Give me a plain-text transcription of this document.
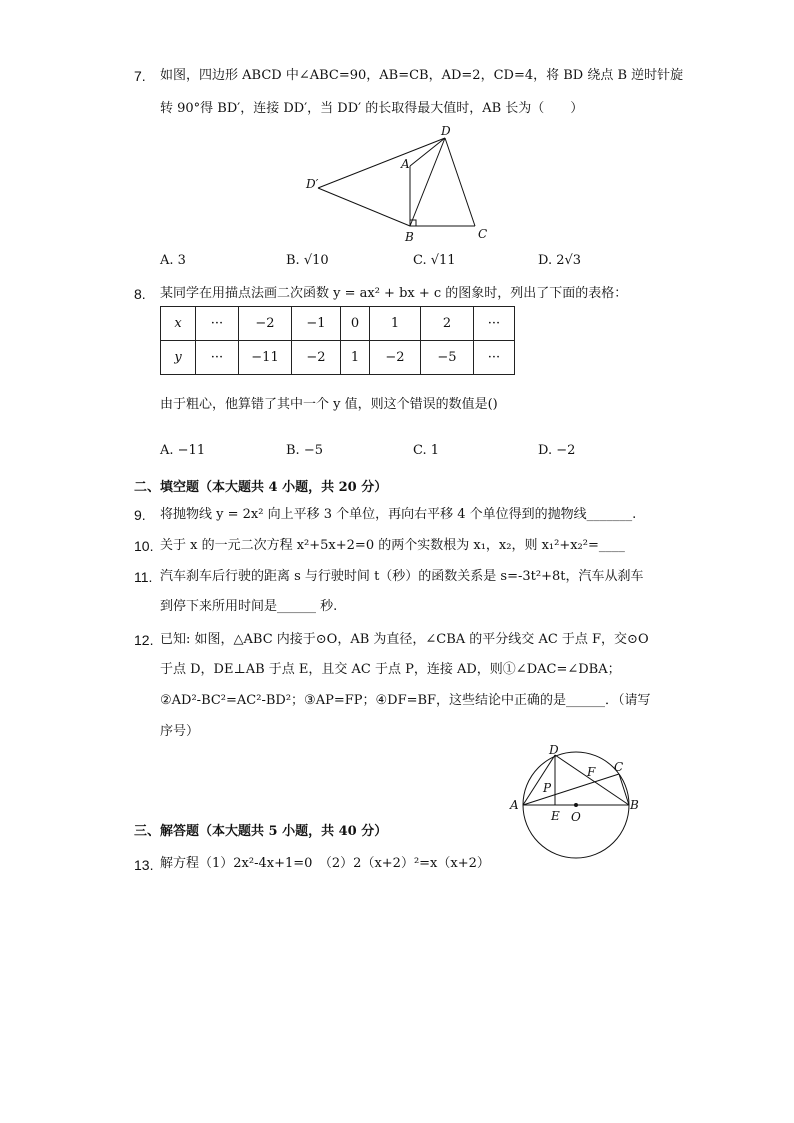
7. 如图，四边形 ABCD 中∠ABC=90，AB=CB，AD=2，CD=4，将 BD 绕点 B 逆时针旋
转 90°得 BD′，连接 DD′，当 DD′ 的长取得最大值时，AB 长为（　　）
D
A
D′
B	C
A. 3	B. √10	C. √11	D. 2√3
8. 某同学在用描点法画二次函数 y = ax² + bx + c 的图象时，列出了下面的表格：
x	···	−2	−1	0	1	2	···
y	···	−11	−2	1	−2	−5	···
由于粗心，他算错了其中一个 y 值，则这个错误的数值是()
A. −11	B. −5	C. 1	D. −2
二、填空题（本大题共 4 小题，共 20 分）
9. 将抛物线 y = 2x² 向上平移 3 个单位，再向右平移 4 个单位得到的抛物线_______.
10. 关于 x 的一元二次方程 x²+5x+2=0 的两个实数根为 x₁，x₂，则 x₁²+x₂²=____
11. 汽车刹车后行驶的距离 s 与行驶时间 t（秒）的函数关系是 s=-3t²+8t，汽车从刹车
到停下来所用时间是______ 秒.
12. 已知: 如图，△ABC 内接于⊙O，AB 为直径，∠CBA 的平分线交 AC 于点 F，交⊙O
于点 D，DE⊥AB 于点 E，且交 AC 于点 P，连接 AD，则①∠DAC=∠DBA；
②AD²-BC²=AC²-BD²；③AP=FP；④DF=BF，这些结论中正确的是______．（请写
序号）
D
C
F
P
A	B
E O
三、解答题（本大题共 5 小题，共 40 分）
13. 解方程（1）2x²-4x+1=0　（2）2（x+2）²=x（x+2）
